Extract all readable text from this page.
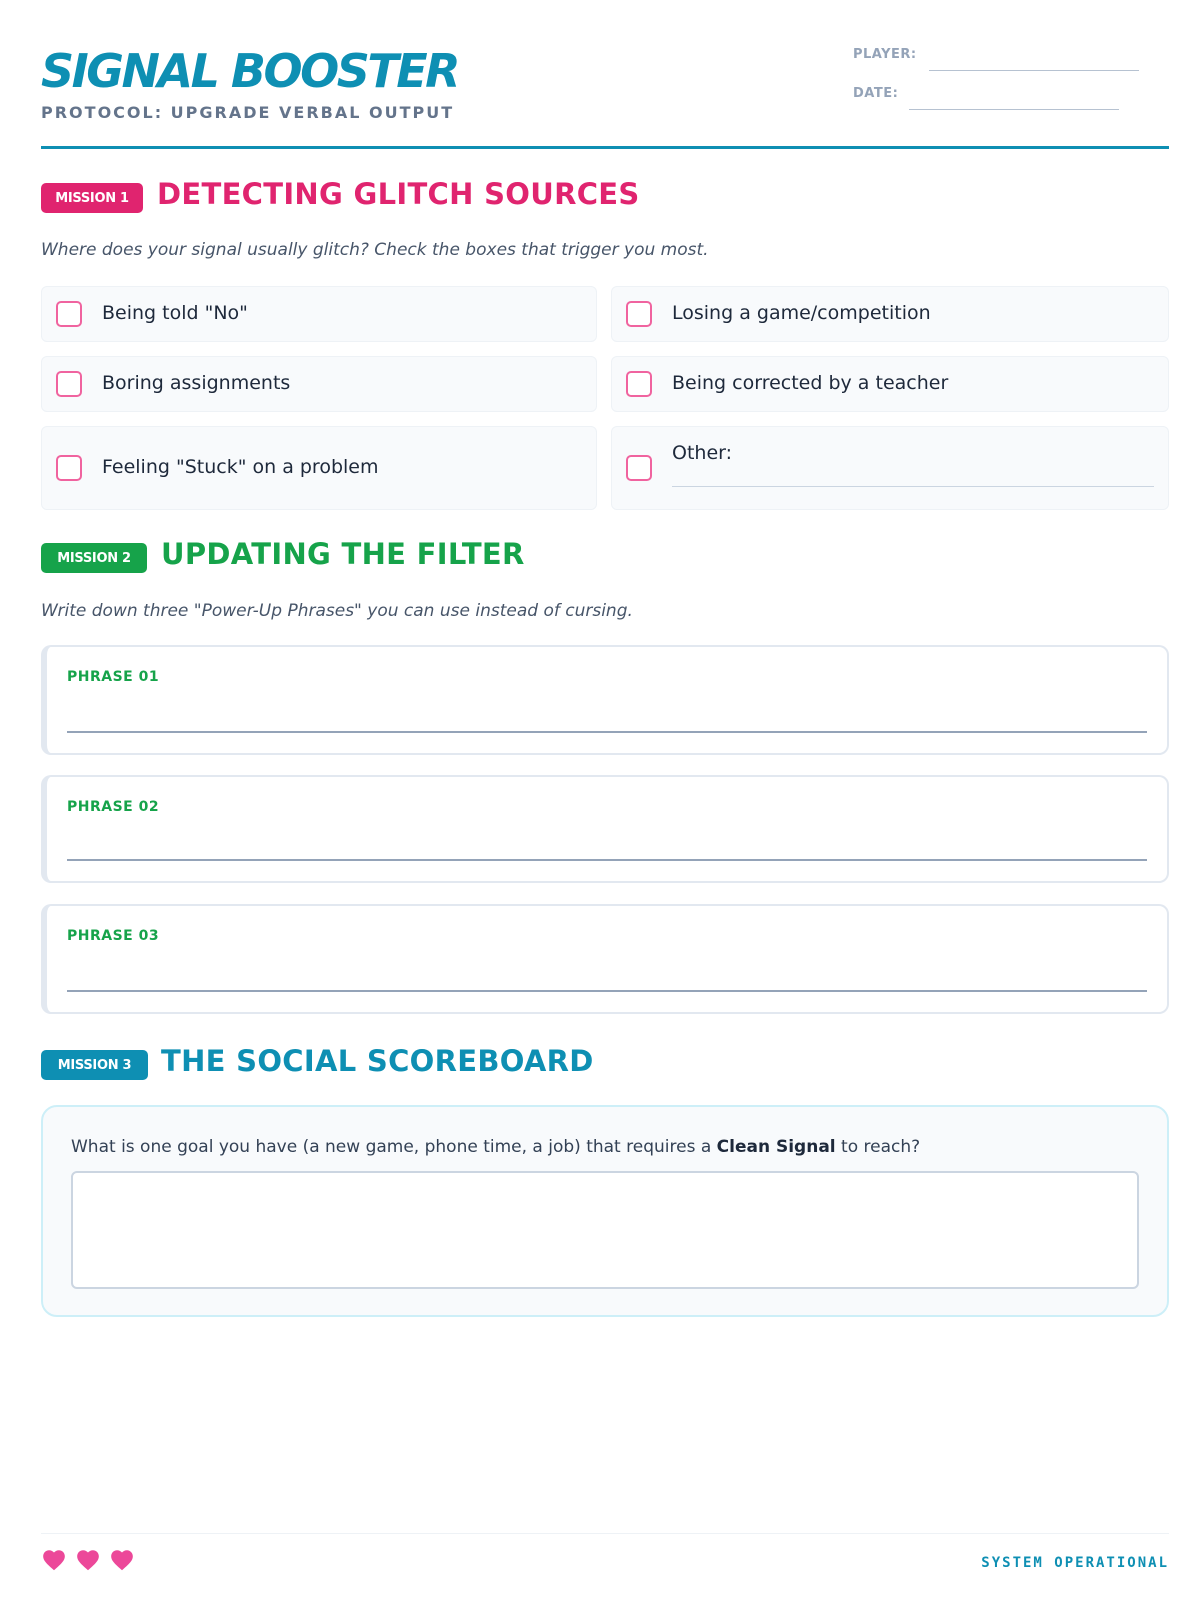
SIGNAL BOOSTER
PROTOCOL: UPGRADE VERBAL OUTPUT
PLAYER:
DATE:
MISSION 1 DETECTING GLITCH SOURCES
Where does your signal usually glitch? Check the boxes that trigger you most.
Being told "No"	Losing a game/competition
Boring assignments	Being corrected by a teacher
Feeling "Stuck" on a problem
Other:
MISSION 2	UPDATING THE FILTER
Write down three "Power-Up Phrases" you can use instead of cursing.
PHRASE 01
PHRASE 02
PHRASE 03
MISSION 3	THE SOCIAL SCOREBOARD
What is one goal you have (a new game, phone time, a job) that requires a Clean Signal to reach?
SYSTEM OPERATIONAL
